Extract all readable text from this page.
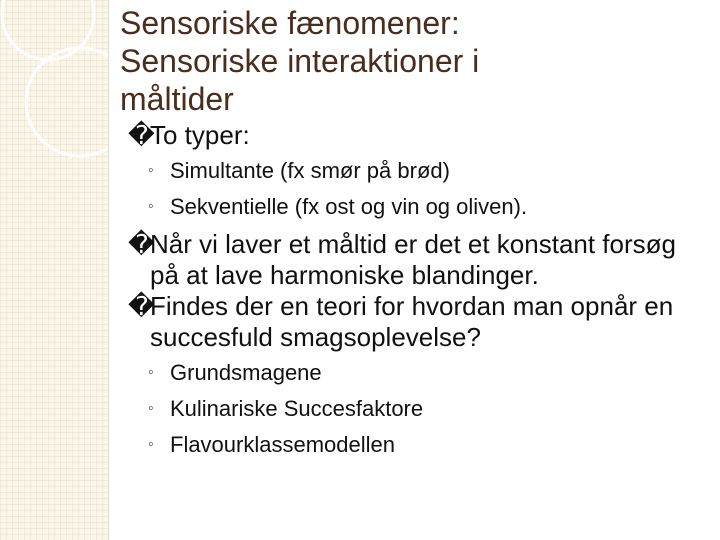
Sensoriske fænomener:
Sensoriske interaktioner i
måltider

�
To typer:

◦ Simultante (fx smør på brød)

◦ Sekventielle (fx ost og vin og oliven).

�
Når vi laver et måltid er det et konstant forsøg på at lave harmoniske blandinger.

�
Findes der en teori for hvordan man opnår en succesfuld smagsoplevelse?

◦ Grundsmagene

◦ Kulinariske Succesfaktore

◦ Flavourklassemodellen
